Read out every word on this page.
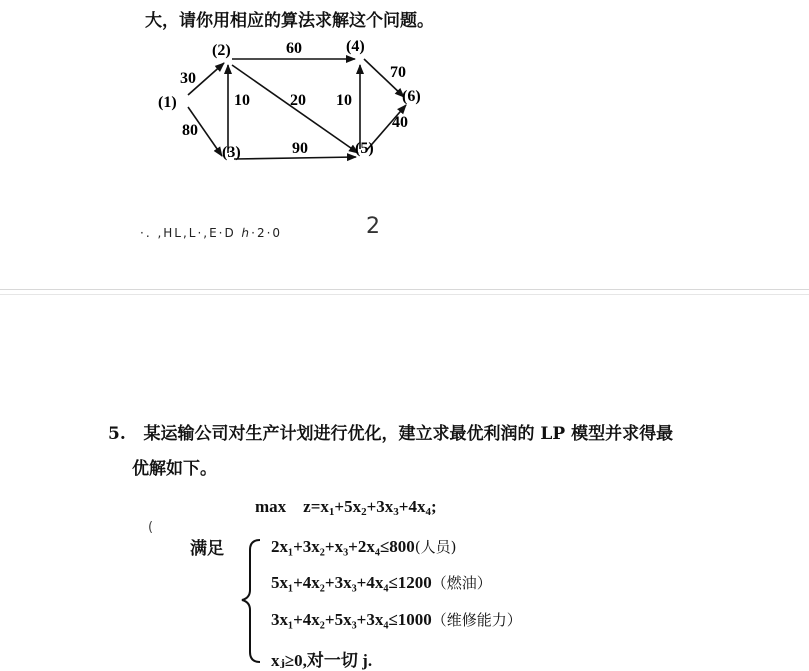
大，请你用相应的算法求解这个问题。
(1)
(2)
(3)
(4)
(5)
(6)
30
80
60
10	20
90
10
70
40
·. ,HL,L·,E·D ℎ·2·0	2
5. 某运输公司对生产计划进行优化，建立求最优利润的 LP 模型并求得最
优解如下。
$\max z=x_1+5x_2+3x_3+4x_4$;
(
满足	2x₁+3x₂+x₃+2x₄≤800(人员)
5x₁+4x₂+3x₃+4x₄≤1200（燃油）
3x₁+4x₂+5x₃+3x₄≤1000（维修能力）
xⱼ≥0,对一切 j.
